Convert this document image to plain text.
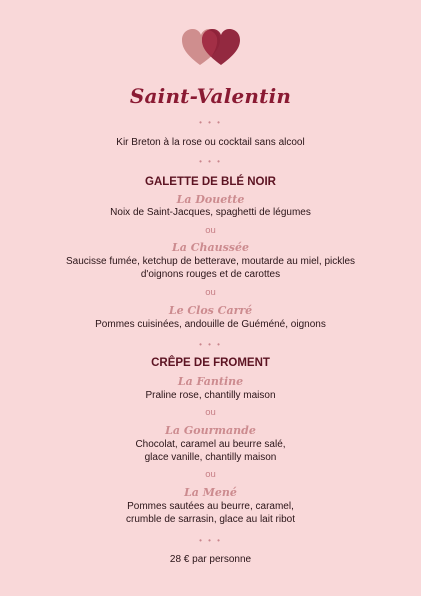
Saint-Valentin
• • •
Kir Breton à la rose ou cocktail sans alcool
• • •
GALETTE DE BLÉ NOIR
La Douette
Noix de Saint-Jacques, spaghetti de légumes
ou
La Chaussée
Saucisse fumée, ketchup de betterave, moutarde au miel, pickles
d'oignons rouges et de carottes
ou
Le Clos Carré
Pommes cuisinées, andouille de Guéméné, oignons
• • •
CRÊPE DE FROMENT
La Fantine
Praline rose, chantilly maison
ou
La Gourmande
Chocolat, caramel au beurre salé,
glace vanille, chantilly maison
ou
La Mené
Pommes sautées au beurre, caramel,
crumble de sarrasin, glace au lait ribot
• • •
28 € par personne
